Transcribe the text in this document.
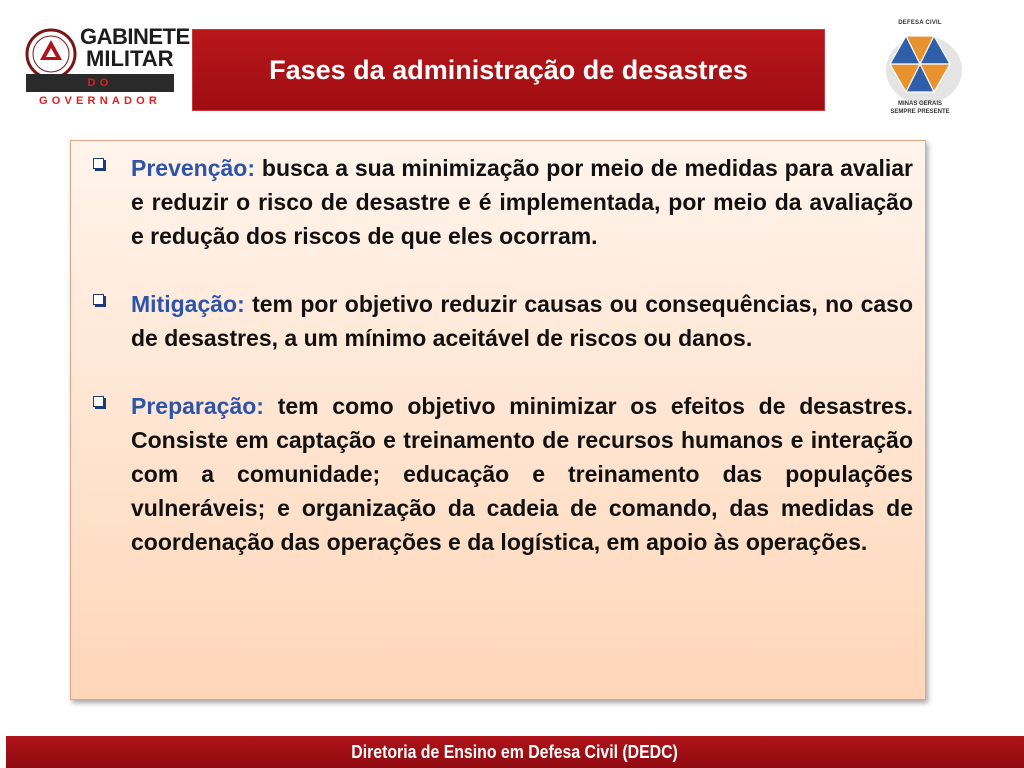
GABINETE
MILITAR
DO GOVERNADOR
Fases da administração de desastres
DEFESA CIVIL
MINAS GERAIS
SEMPRE PRESENTE
Prevenção: busca a sua minimização por meio de medidas para avaliar e reduzir o risco de desastre e é implementada, por meio da avaliação e redução dos riscos de que eles ocorram.
Mitigação: tem por objetivo reduzir causas ou consequências, no caso de desastres, a um mínimo aceitável de riscos ou danos.
Preparação: tem como objetivo minimizar os efeitos de desastres. Consiste em captação e treinamento de recursos humanos e interação com a comunidade; educação e treinamento das populações vulneráveis; e organização da cadeia de comando, das medidas de coordenação das operações e da logística, em apoio às operações.
Diretoria de Ensino em Defesa Civil (DEDC)
